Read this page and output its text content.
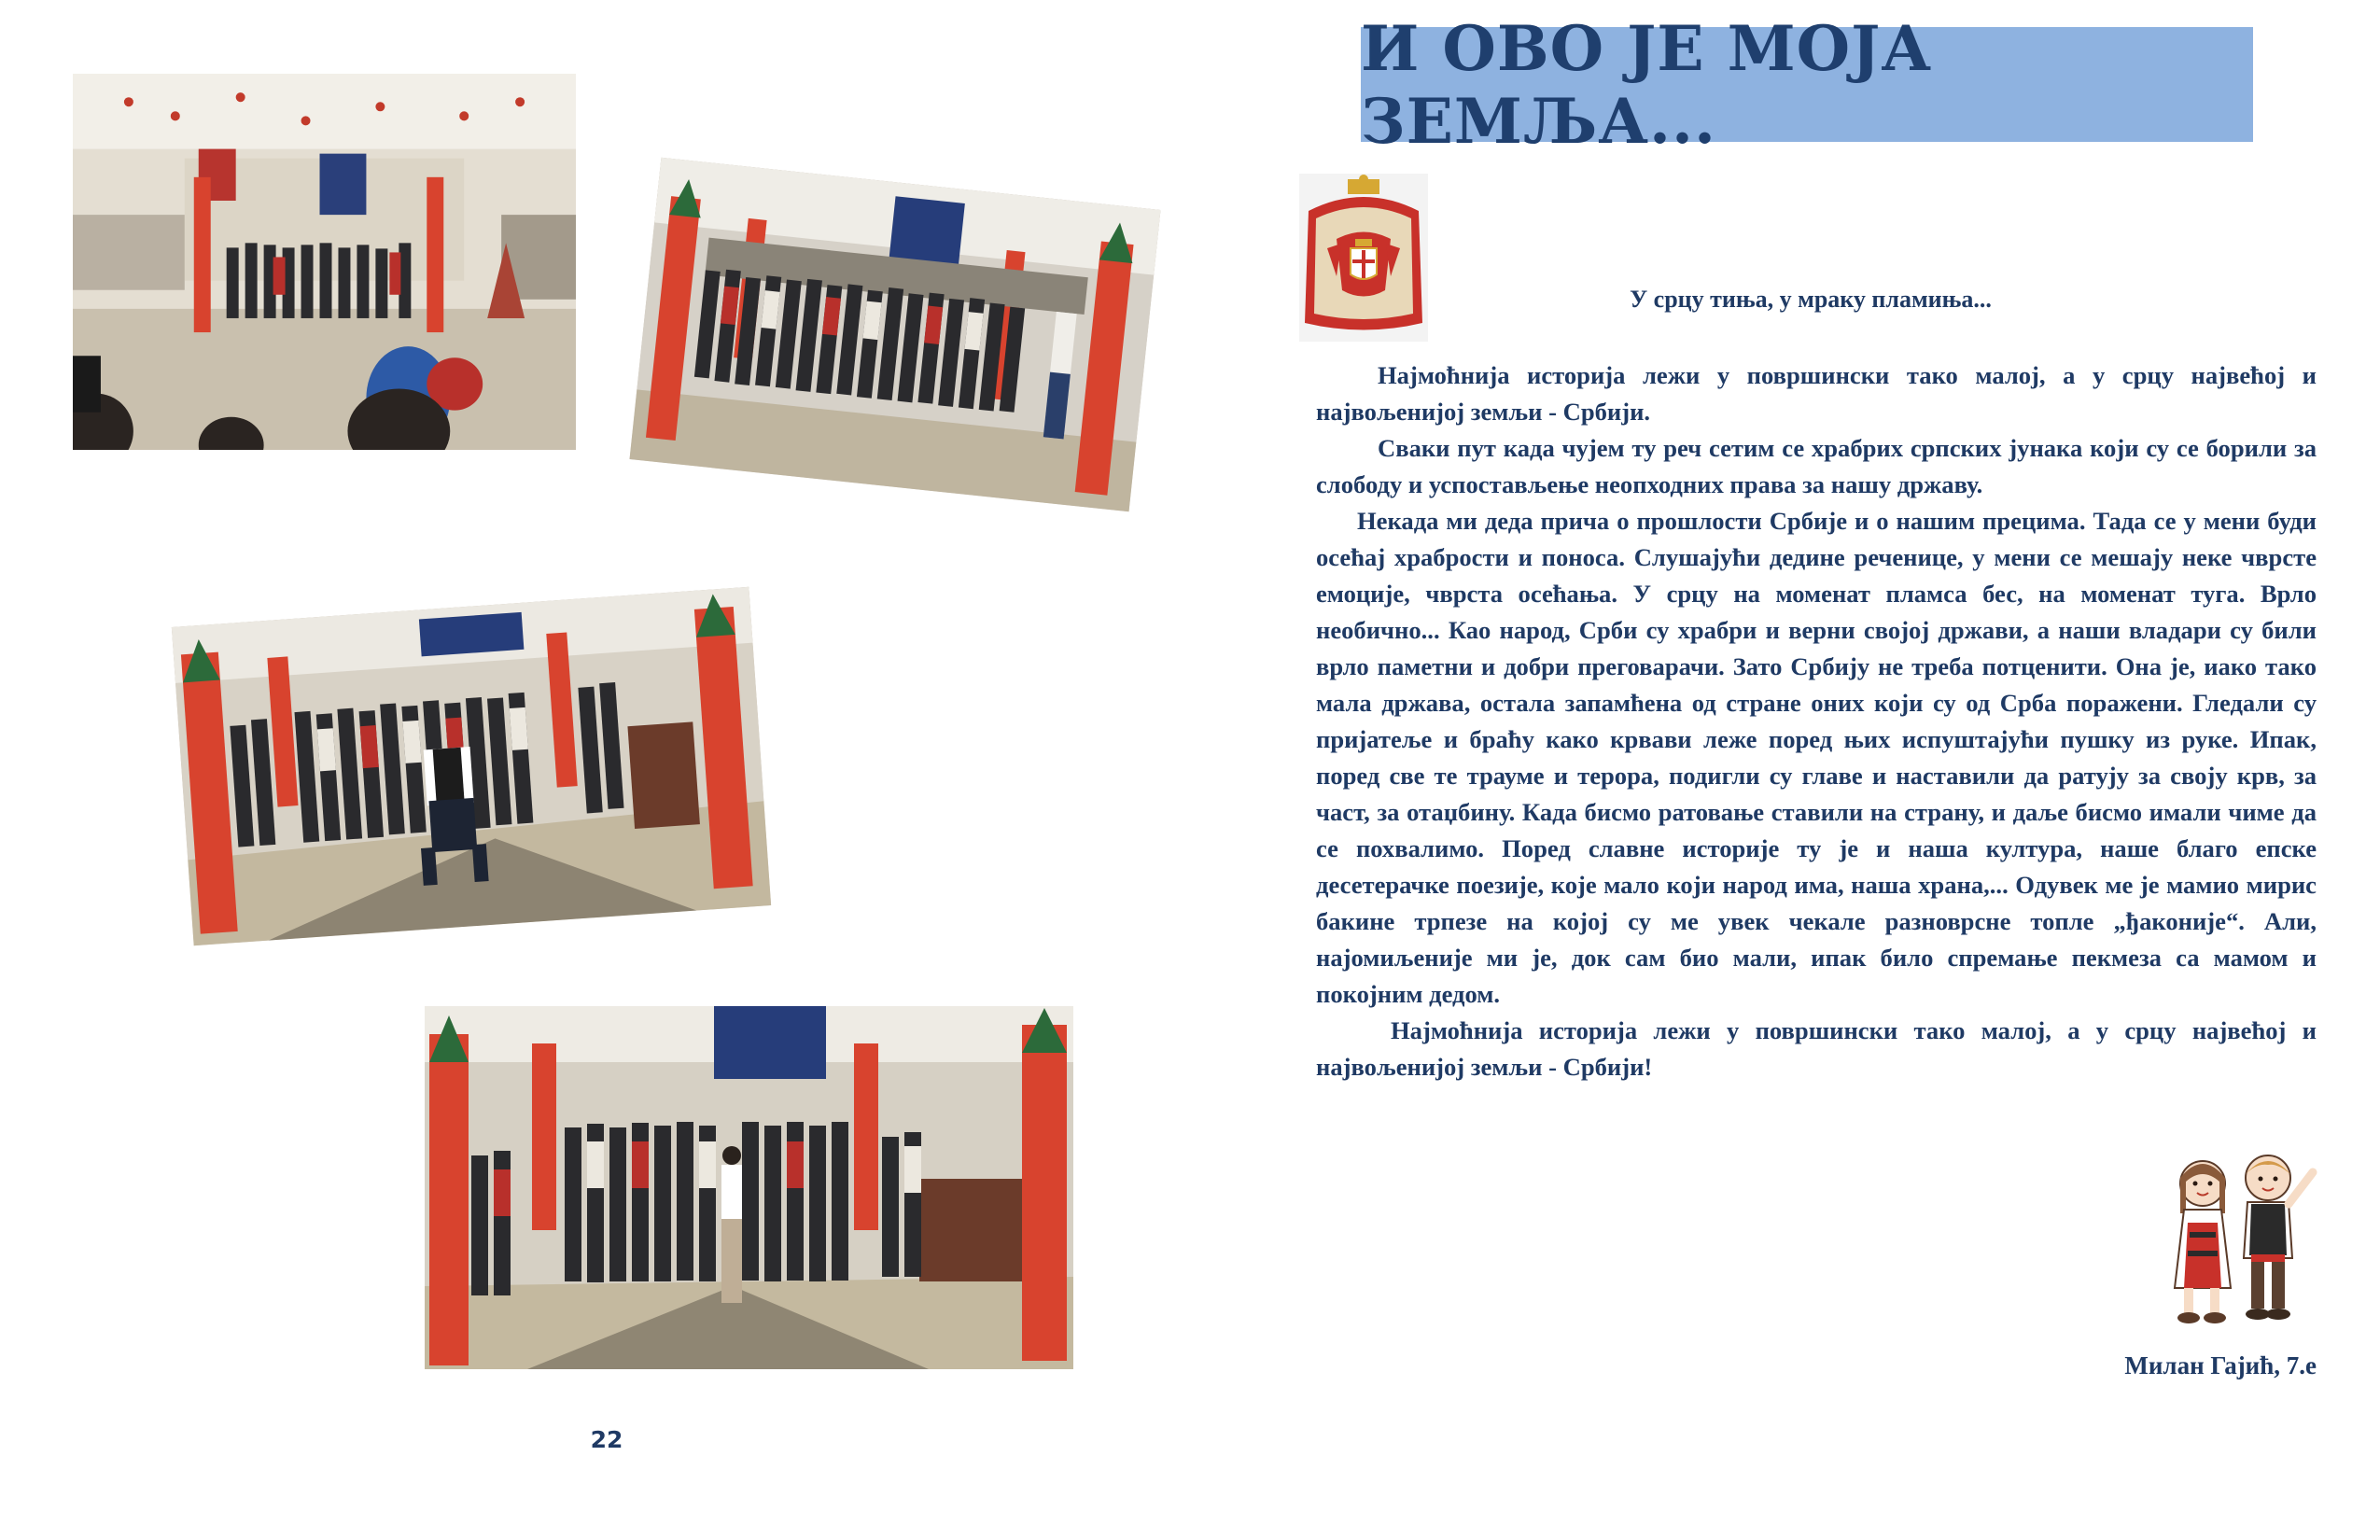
22
И ОВО ЈЕ МОЈА ЗЕМЉА...
У срцу тиња, у мраку пламиња...

Најмоћнија историја лежи у површински тако малој, а у срцу највећој и највољенијој земљи - Србији.

Сваки пут када чујем ту реч сетим се храбрих српских јунака који су се борили за слободу и успостављење неопходних права за нашу државу.

Некада ми деда прича о прошлости Србије и о нашим прецима. Тада се у мени буди осећај храбрости и поноса. Слушајући дедине реченице, у мени се мешају неке чврсте емоције, чврста осећања. У срцу на моменат пламса бес, на моменат туга. Врло необично... Као народ, Срби су храбри и верни својој држави, а наши владари су били врло паметни и добри преговарачи. Зато Србију не треба потценити. Она је, иако тако мала држава, остала запамћена од стране оних који су од Срба поражени. Гледали су пријатеље и браћу како крвави леже поред њих испуштајући пушку из руке. Ипак, поред све те трауме и терора, подигли су главе и наставили да ратују за своју крв, за част, за отаџбину. Када бисмо ратовање ставили на страну, и даље бисмо имали чиме да се похвалимо. Поред славне историје ту је и наша култура, наше благо епске десетерачке поезије, које мало који народ има, наша храна,... Одувек ме је мамио мирис бакине трпезе на којој су ме увек чекале разноврсне топле „ђаконије“. Али, најомиљеније ми је, док сам био мали, ипак било спремање пекмеза са мамом и покојним дедом.

Најмоћнија историја лежи у површински тако малој, а у срцу највећој и највољенијој земљи - Србији!

Милан Гајић, 7.е
